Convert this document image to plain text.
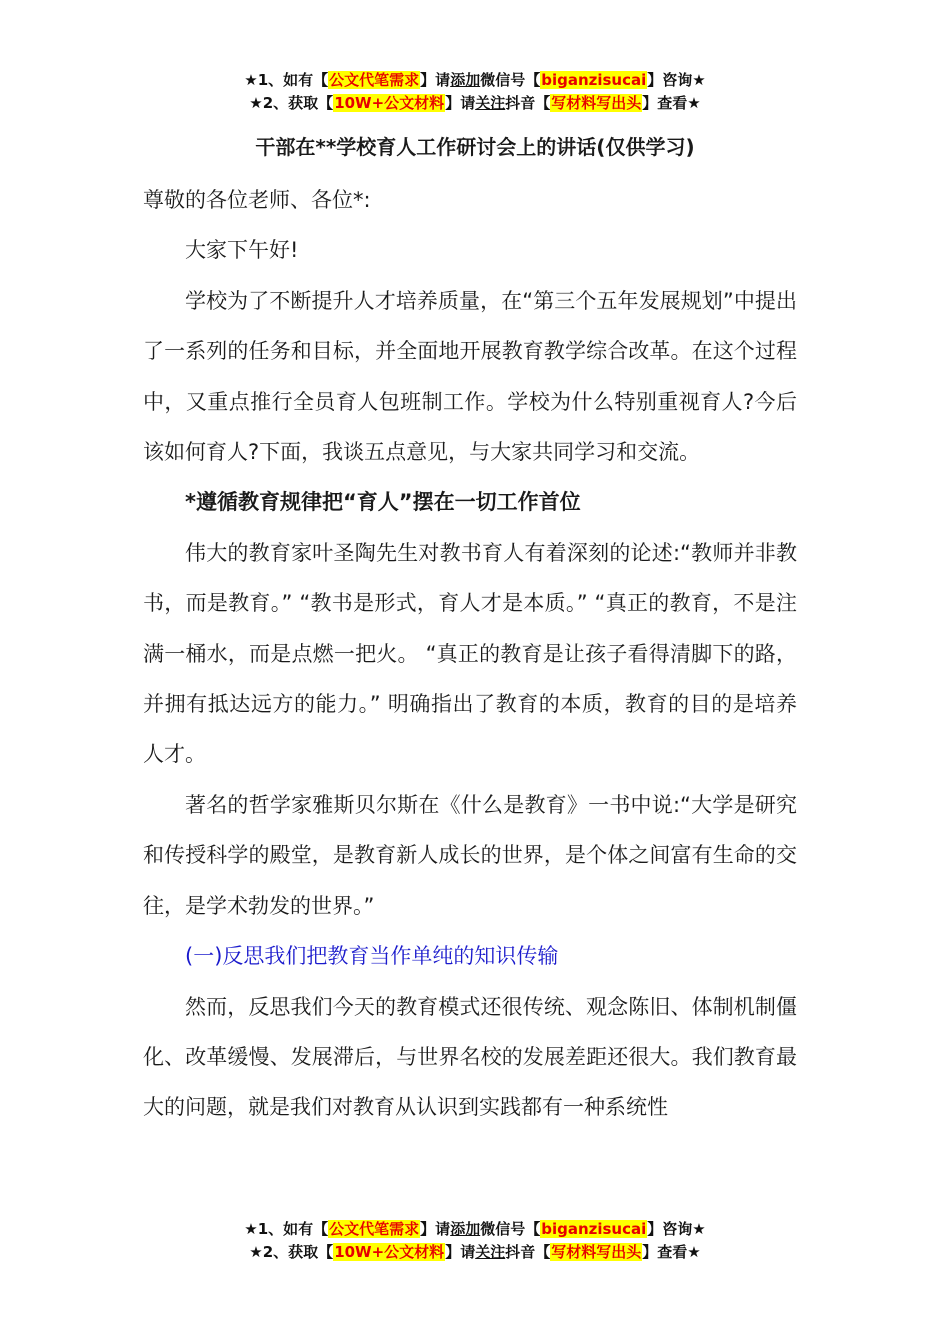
★1、如有【公文代笔需求】请添加微信号【biganzisucai】咨询★
★2、获取【10W+公文材料】请关注抖音【写材料写出头】查看★
干部在**学校育人工作研讨会上的讲话(仅供学习)

尊敬的各位老师、各位*:

大家下午好!

学校为了不断提升人才培养质量，在“第三个五年发展规划”中提出了一系列的任务和目标，并全面地开展教育教学综合改革。在这个过程中，又重点推行全员育人包班制工作。学校为什么特别重视育人?今后该如何育人?下面，我谈五点意见，与大家共同学习和交流。

*遵循教育规律把“育人”摆在一切工作首位

伟大的教育家叶圣陶先生对教书育人有着深刻的论述:“教师并非教书，而是教育。” “教书是形式，育人才是本质。” “真正的教育，不是注满一桶水，而是点燃一把火。 “真正的教育是让孩子看得清脚下的路，并拥有抵达远方的能力。” 明确指出了教育的本质，教育的目的是培养人才。

著名的哲学家雅斯贝尔斯在《什么是教育》一书中说:“大学是研究和传授科学的殿堂，是教育新人成长的世界，是个体之间富有生命的交往，是学术勃发的世界。”

(一)反思我们把教育当作单纯的知识传输

然而，反思我们今天的教育模式还很传统、观念陈旧、体制机制僵化、改革缓慢、发展滞后，与世界名校的发展差距还很大。我们教育最大的问题，就是我们对教育从认识到实践都有一种系统性

★1、如有【公文代笔需求】请添加微信号【biganzisucai】咨询★
★2、获取【10W+公文材料】请关注抖音【写材料写出头】查看★
